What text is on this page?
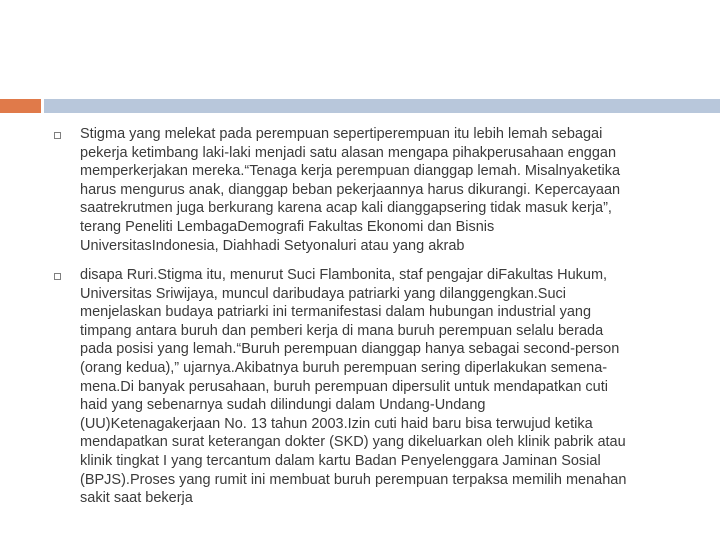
Stigma yang melekat pada perempuan sepertiperempuan itu lebih lemah sebagai
pekerja ketimbang laki-laki menjadi satu alasan mengapa pihakperusahaan enggan
memperkerjakan mereka.“Tenaga kerja perempuan dianggap lemah. Misalnyaketika
harus mengurus anak, dianggap beban pekerjaannya harus dikurangi. Kepercayaan
saatrekrutmen juga berkurang karena acap kali dianggapsering tidak masuk kerja”,
terang Peneliti LembagaDemografi Fakultas Ekonomi dan Bisnis
UniversitasIndonesia, Diahhadi Setyonaluri atau yang akrab

disapa Ruri.Stigma itu, menurut Suci Flambonita, staf pengajar diFakultas Hukum,
Universitas Sriwijaya, muncul daribudaya patriarki yang dilanggengkan.Suci
menjelaskan budaya patriarki ini termanifestasi dalam hubungan industrial yang
timpang antara buruh dan pemberi kerja di mana buruh perempuan selalu berada
pada posisi yang lemah.“Buruh perempuan dianggap hanya sebagai second-person
(orang kedua),” ujarnya.Akibatnya buruh perempuan sering diperlakukan semena-
mena.Di banyak perusahaan, buruh perempuan dipersulit untuk mendapatkan cuti
haid yang sebenarnya sudah dilindungi dalam Undang-Undang
(UU)Ketenagakerjaan No. 13 tahun 2003.Izin cuti haid baru bisa terwujud ketika
mendapatkan surat keterangan dokter (SKD) yang dikeluarkan oleh klinik pabrik atau
klinik tingkat I yang tercantum dalam kartu Badan Penyelenggara Jaminan Sosial
(BPJS).Proses yang rumit ini membuat buruh perempuan terpaksa memilih menahan
sakit saat bekerja
